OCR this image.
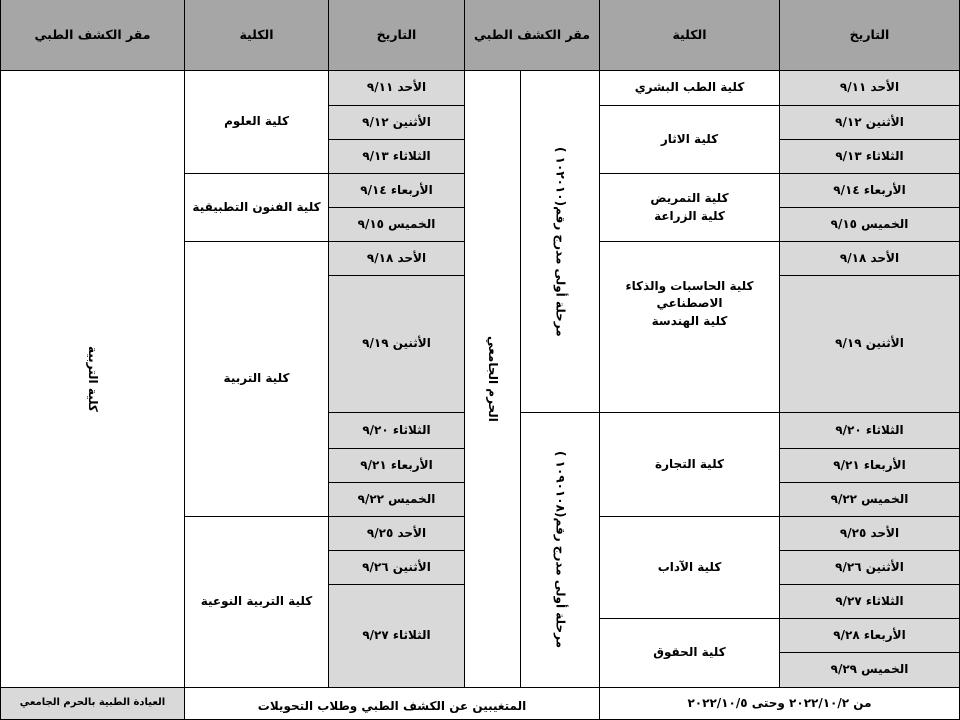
التاريخ
الكلية
مقر الكشف الطبي
التاريخ
الكلية
مقر الكشف الطبي
الأحد ٩/١١
الأثنين ٩/١٢
الثلاثاء ٩/١٣
الأربعاء ٩/١٤
الخميس ٩/١٥
الأحد ٩/١٨
الأثنين ٩/١٩
الثلاثاء ٩/٢٠
الأربعاء ٩/٢١
الخميس ٩/٢٢
الأحد ٩/٢٥
الأثنين ٩/٢٦
الثلاثاء ٩/٢٧
الأربعاء ٩/٢٨
الخميس ٩/٢٩
كلية الطب البشري
كلية الاثار
كلية التمريض
كلية الزراعة
كلية الحاسبات والذكاء
الاصطناعي
كلية الهندسة
كلية التجارة
كلية الآداب
كلية الحقوق
مرحلة أولى مدرج رقم(١٠٢٠١٠ )
مرحلة أولى مدرج رقم(١٠٩٠١٠٨ )
الحرم الجامعي
الأحد ٩/١١
الأثنين ٩/١٢
الثلاثاء ٩/١٣
الأربعاء ٩/١٤
الخميس ٩/١٥
الأحد ٩/١٨
الأثنين ٩/١٩
الثلاثاء ٩/٢٠
الأربعاء ٩/٢١
الخميس ٩/٢٢
الأحد ٩/٢٥
الأثنين ٩/٢٦
الثلاثاء ٩/٢٧
كلية العلوم
كلية الفنون التطبيقية
كلية التربية
كلية التربية النوعية
كلية التربية
من ٢٠٢٢/١٠/٢ وحتى ٢٠٢٢/١٠/٥
المتغيبين عن الكشف الطبي وطلاب التحويلات
العيادة الطبية بالحرم الجامعي
